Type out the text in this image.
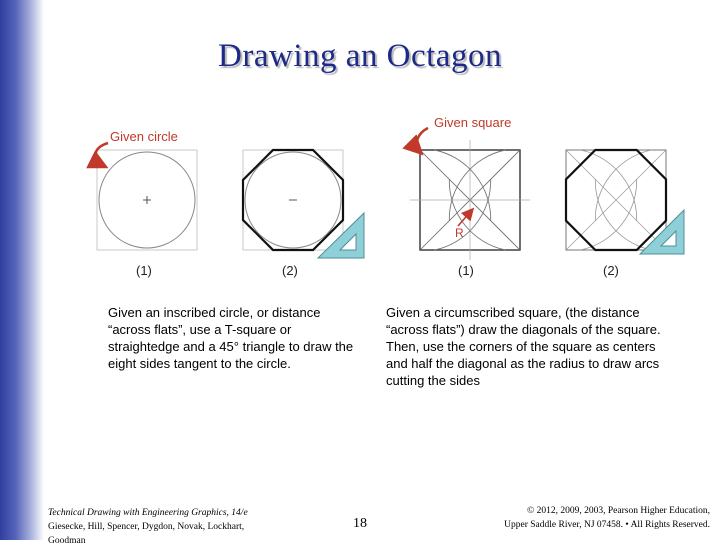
Drawing an Octagon
Given circle
(1)	(2)
Given square
R
(1)	(2)
Given an inscribed circle, or distance “across flats”, use a T-square or straightedge and a 45° triangle to draw the eight sides tangent to the circle.
Given a circumscribed square, (the distance “across flats”) draw the diagonals of the square. Then, use the corners of the square as centers and half the diagonal as the radius to draw arcs cutting the sides
Technical Drawing with Engineering Graphics, 14/e
Giesecke, Hill, Spencer, Dygdon, Novak, Lockhart, Goodman
18
© 2012, 2009, 2003, Pearson Higher Education,
Upper Saddle River, NJ 07458. • All Rights Reserved.
